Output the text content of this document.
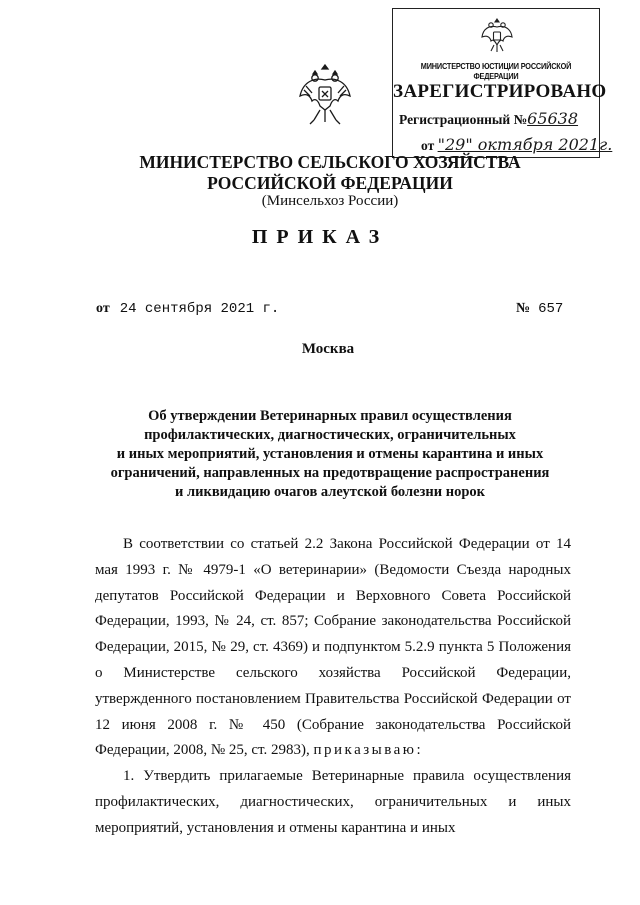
МИНИСТЕРСТВО ЮСТИЦИИ РОССИЙСКОЙ ФЕДЕРАЦИИ
ЗАРЕГИСТРИРОВАНО
Регистрационный №65638
от "29" октября 2021г.
МИНИСТЕРСТВО СЕЛЬСКОГО ХОЗЯЙСТВА
РОССИЙСКОЙ ФЕДЕРАЦИИ
(Минсельхоз России)
ПРИКАЗ
от 24 сентября 2021 г.	№ 657
Москва
Об утверждении Ветеринарных правил осуществления
профилактических, диагностических, ограничительных
и иных мероприятий, установления и отмены карантина и иных
ограничений, направленных на предотвращение распространения
и ликвидацию очагов алеутской болезни норок

В соответствии со статьей 2.2 Закона Российской Федерации от 14 мая 1993 г. № 4979-1 «О ветеринарии» (Ведомости Съезда народных депутатов Российской Федерации и Верховного Совета Российской Федерации, 1993, № 24, ст. 857; Собрание законодательства Российской Федерации, 2015, № 29, ст. 4369) и подпунктом 5.2.9 пункта 5 Положения о Министерстве сельского хозяйства Российской Федерации, утвержденного постановлением Правительства Российской Федерации от 12 июня 2008 г. № 450 (Собрание законодательства Российской Федерации, 2008, № 25, ст. 2983), приказываю:

1. Утвердить прилагаемые Ветеринарные правила осуществления профилактических, диагностических, ограничительных и иных мероприятий, установления и отмены карантина и иных
